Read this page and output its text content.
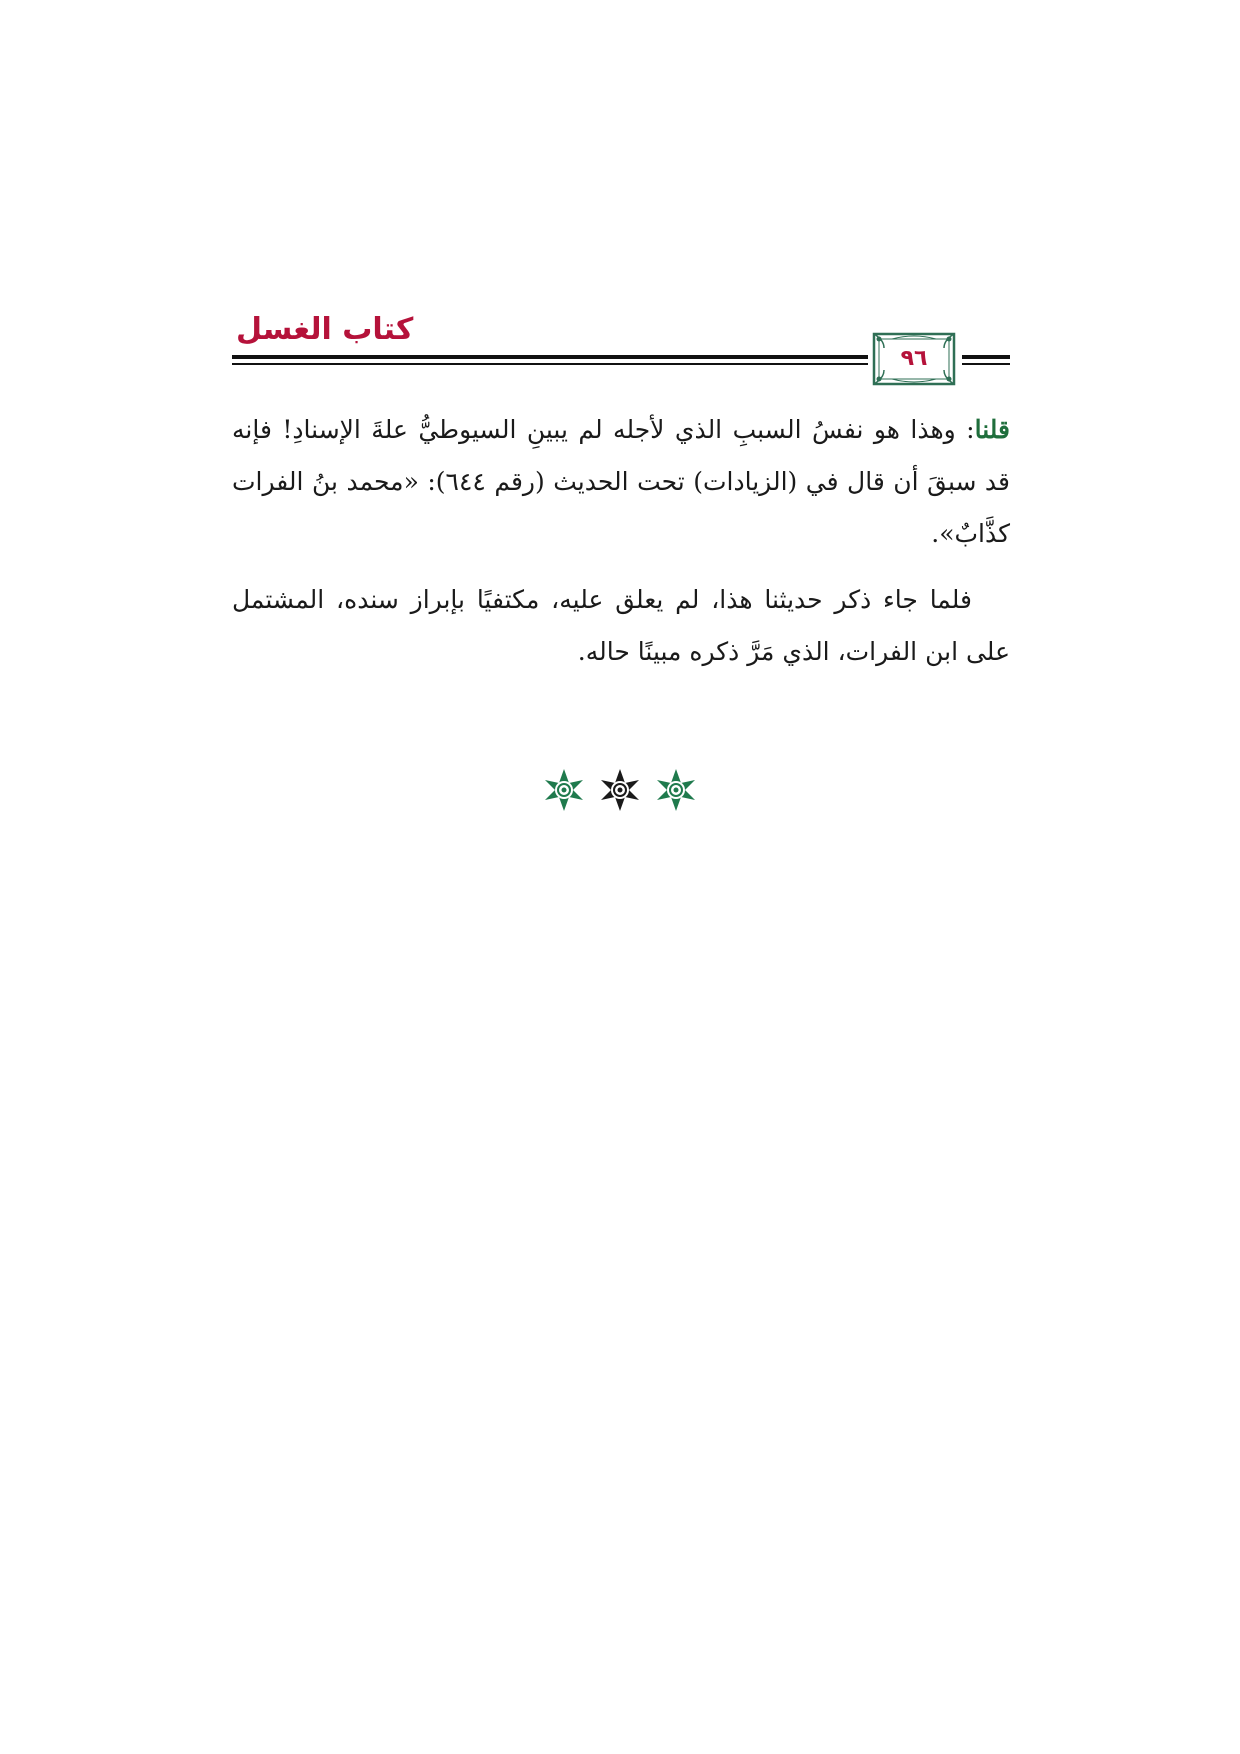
كتاب الغسل
٩٦

قلنا: وهذا هو نفسُ السببِ الذي لأجله لم يبينِ السيوطيُّ علةَ الإسنادِ! فإنه قد سبقَ أن قال في (الزيادات) تحت الحديث (رقم ٦٤٤): «محمد بنُ الفرات كذَّابٌ».

فلما جاء ذكر حديثنا هذا، لم يعلق عليه، مكتفيًا بإبراز سنده، المشتمل على ابن الفرات، الذي مَرَّ ذكره مبينًا حاله.
